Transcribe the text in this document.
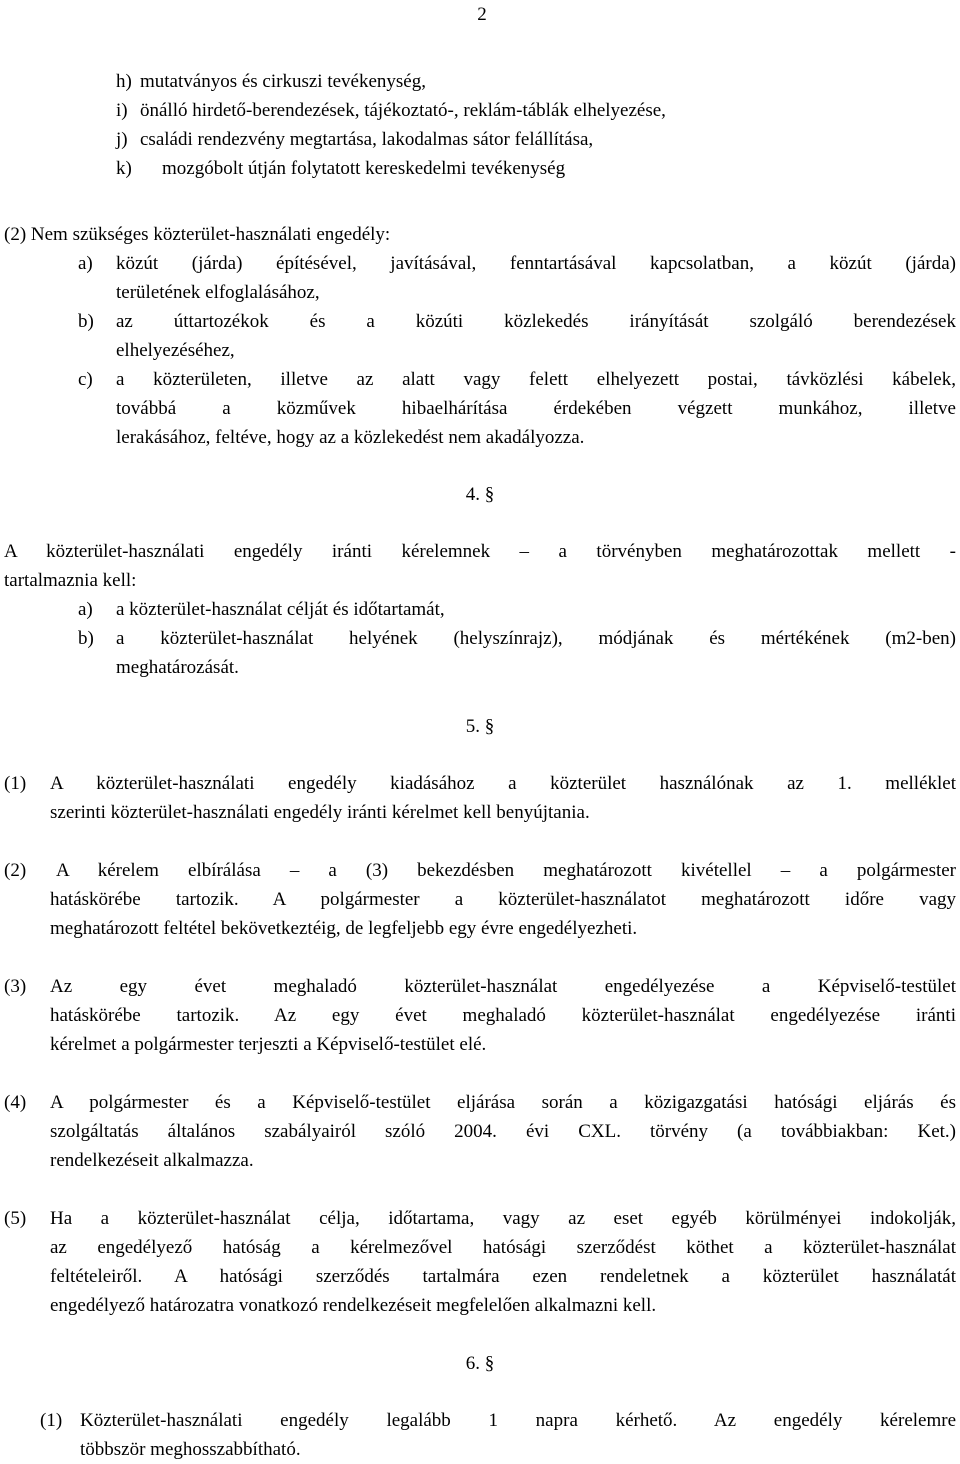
2
h) mutatványos és cirkuszi tevékenység,
i) önálló hirdető-berendezések, tájékoztató-, reklám-táblák elhelyezése,
j) családi rendezvény megtartása, lakodalmas sátor felállítása,
k) mozgóbolt útján folytatott kereskedelmi tevékenység
(2) Nem szükséges közterület-használati engedély:
a) közút (járda) építésével, javításával, fenntartásával kapcsolatban, a közút (járda)
területének elfoglalásához,
b) az úttartozékok és a közúti közlekedés irányítását szolgáló berendezések
elhelyezéséhez,
c) a közterületen, illetve az alatt vagy felett elhelyezett postai, távközlési kábelek,
továbbá a közművek hibaelhárítása érdekében végzett munkához, illetve
lerakásához, feltéve, hogy az a közlekedést nem akadályozza.
4. §
A közterület-használati engedély iránti kérelemnek – a törvényben meghatározottak mellett -
tartalmaznia kell:
a) a közterület-használat célját és időtartamát,
b) a közterület-használat helyének (helyszínrajz), módjának és mértékének (m2-ben)
meghatározását.
5. §
(1) A közterület-használati engedély kiadásához a közterület használónak az 1. melléklet
szerinti közterület-használati engedély iránti kérelmet kell benyújtania.
(2) A kérelem elbírálása – a (3) bekezdésben meghatározott kivétellel – a polgármester
hatáskörébe tartozik. A polgármester a közterület-használatot meghatározott időre vagy
meghatározott feltétel bekövetkeztéig, de legfeljebb egy évre engedélyezheti.
(3) Az egy évet meghaladó közterület-használat engedélyezése a Képviselő-testület
hatáskörébe tartozik. Az egy évet meghaladó közterület-használat engedélyezése iránti
kérelmet a polgármester terjeszti a Képviselő-testület elé.
(4) A polgármester és a Képviselő-testület eljárása során a közigazgatási hatósági eljárás és
szolgáltatás általános szabályairól szóló 2004. évi CXL. törvény (a továbbiakban: Ket.)
rendelkezéseit alkalmazza.
(5) Ha a közterület-használat célja, időtartama, vagy az eset egyéb körülményei indokolják,
az engedélyező hatóság a kérelmezővel hatósági szerződést köthet a közterület-használat
feltételeiről. A hatósági szerződés tartalmára ezen rendeletnek a közterület használatát
engedélyező határozatra vonatkozó rendelkezéseit megfelelően alkalmazni kell.
6. §
(1) Közterület-használati engedély legalább 1 napra kérhető. Az engedély kérelemre
többször meghosszabbítható.
